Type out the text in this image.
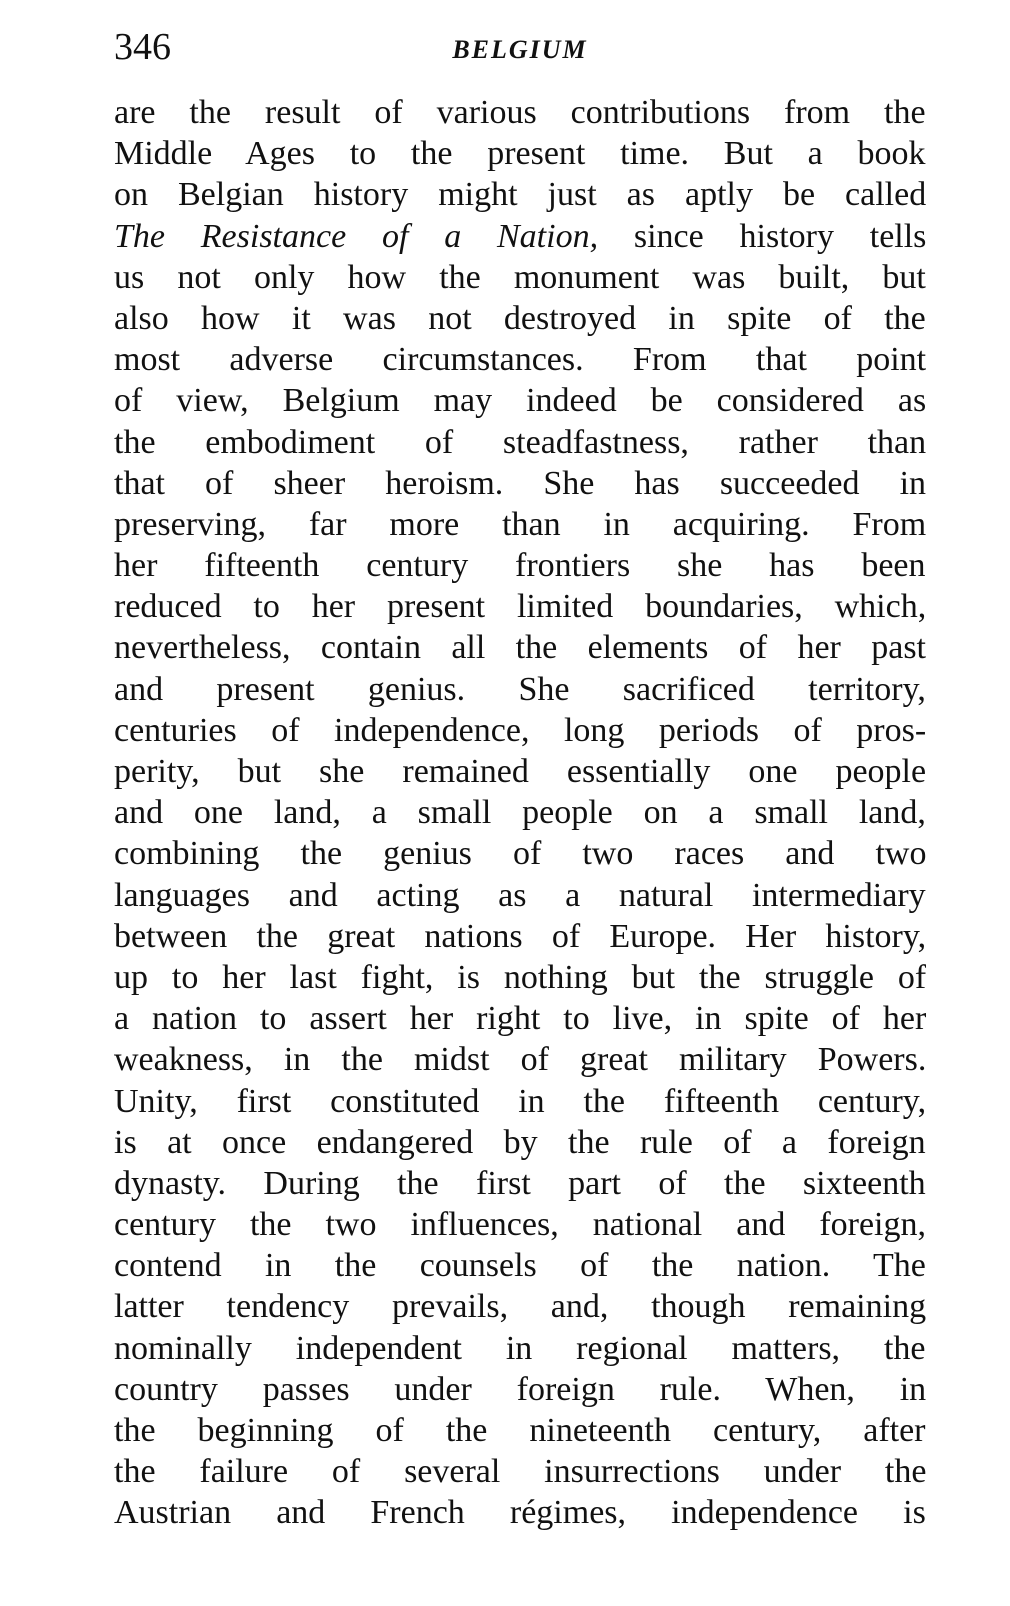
346	BELGIUM
are the result of various contributions from the
Middle Ages to the present time. But a book
on Belgian history might just as aptly be called
The Resistance of a Nation, since history tells
us not only how the monument was built, but
also how it was not destroyed in spite of the
most adverse circumstances. From that point
of view, Belgium may indeed be considered as
the embodiment of steadfastness, rather than
that of sheer heroism. She has succeeded in
preserving, far more than in acquiring. From
her fifteenth century frontiers she has been
reduced to her present limited boundaries, which,
nevertheless, contain all the elements of her past
and present genius. She sacrificed territory,
centuries of independence, long periods of pros-
perity, but she remained essentially one people
and one land, a small people on a small land,
combining the genius of two races and two
languages and acting as a natural intermediary
between the great nations of Europe. Her history,
up to her last fight, is nothing but the struggle of
a nation to assert her right to live, in spite of her
weakness, in the midst of great military Powers.
Unity, first constituted in the fifteenth century,
is at once endangered by the rule of a foreign
dynasty. During the first part of the sixteenth
century the two influences, national and foreign,
contend in the counsels of the nation. The
latter tendency prevails, and, though remaining
nominally independent in regional matters, the
country passes under foreign rule. When, in
the beginning of the nineteenth century, after
the failure of several insurrections under the
Austrian and French régimes, independence is
